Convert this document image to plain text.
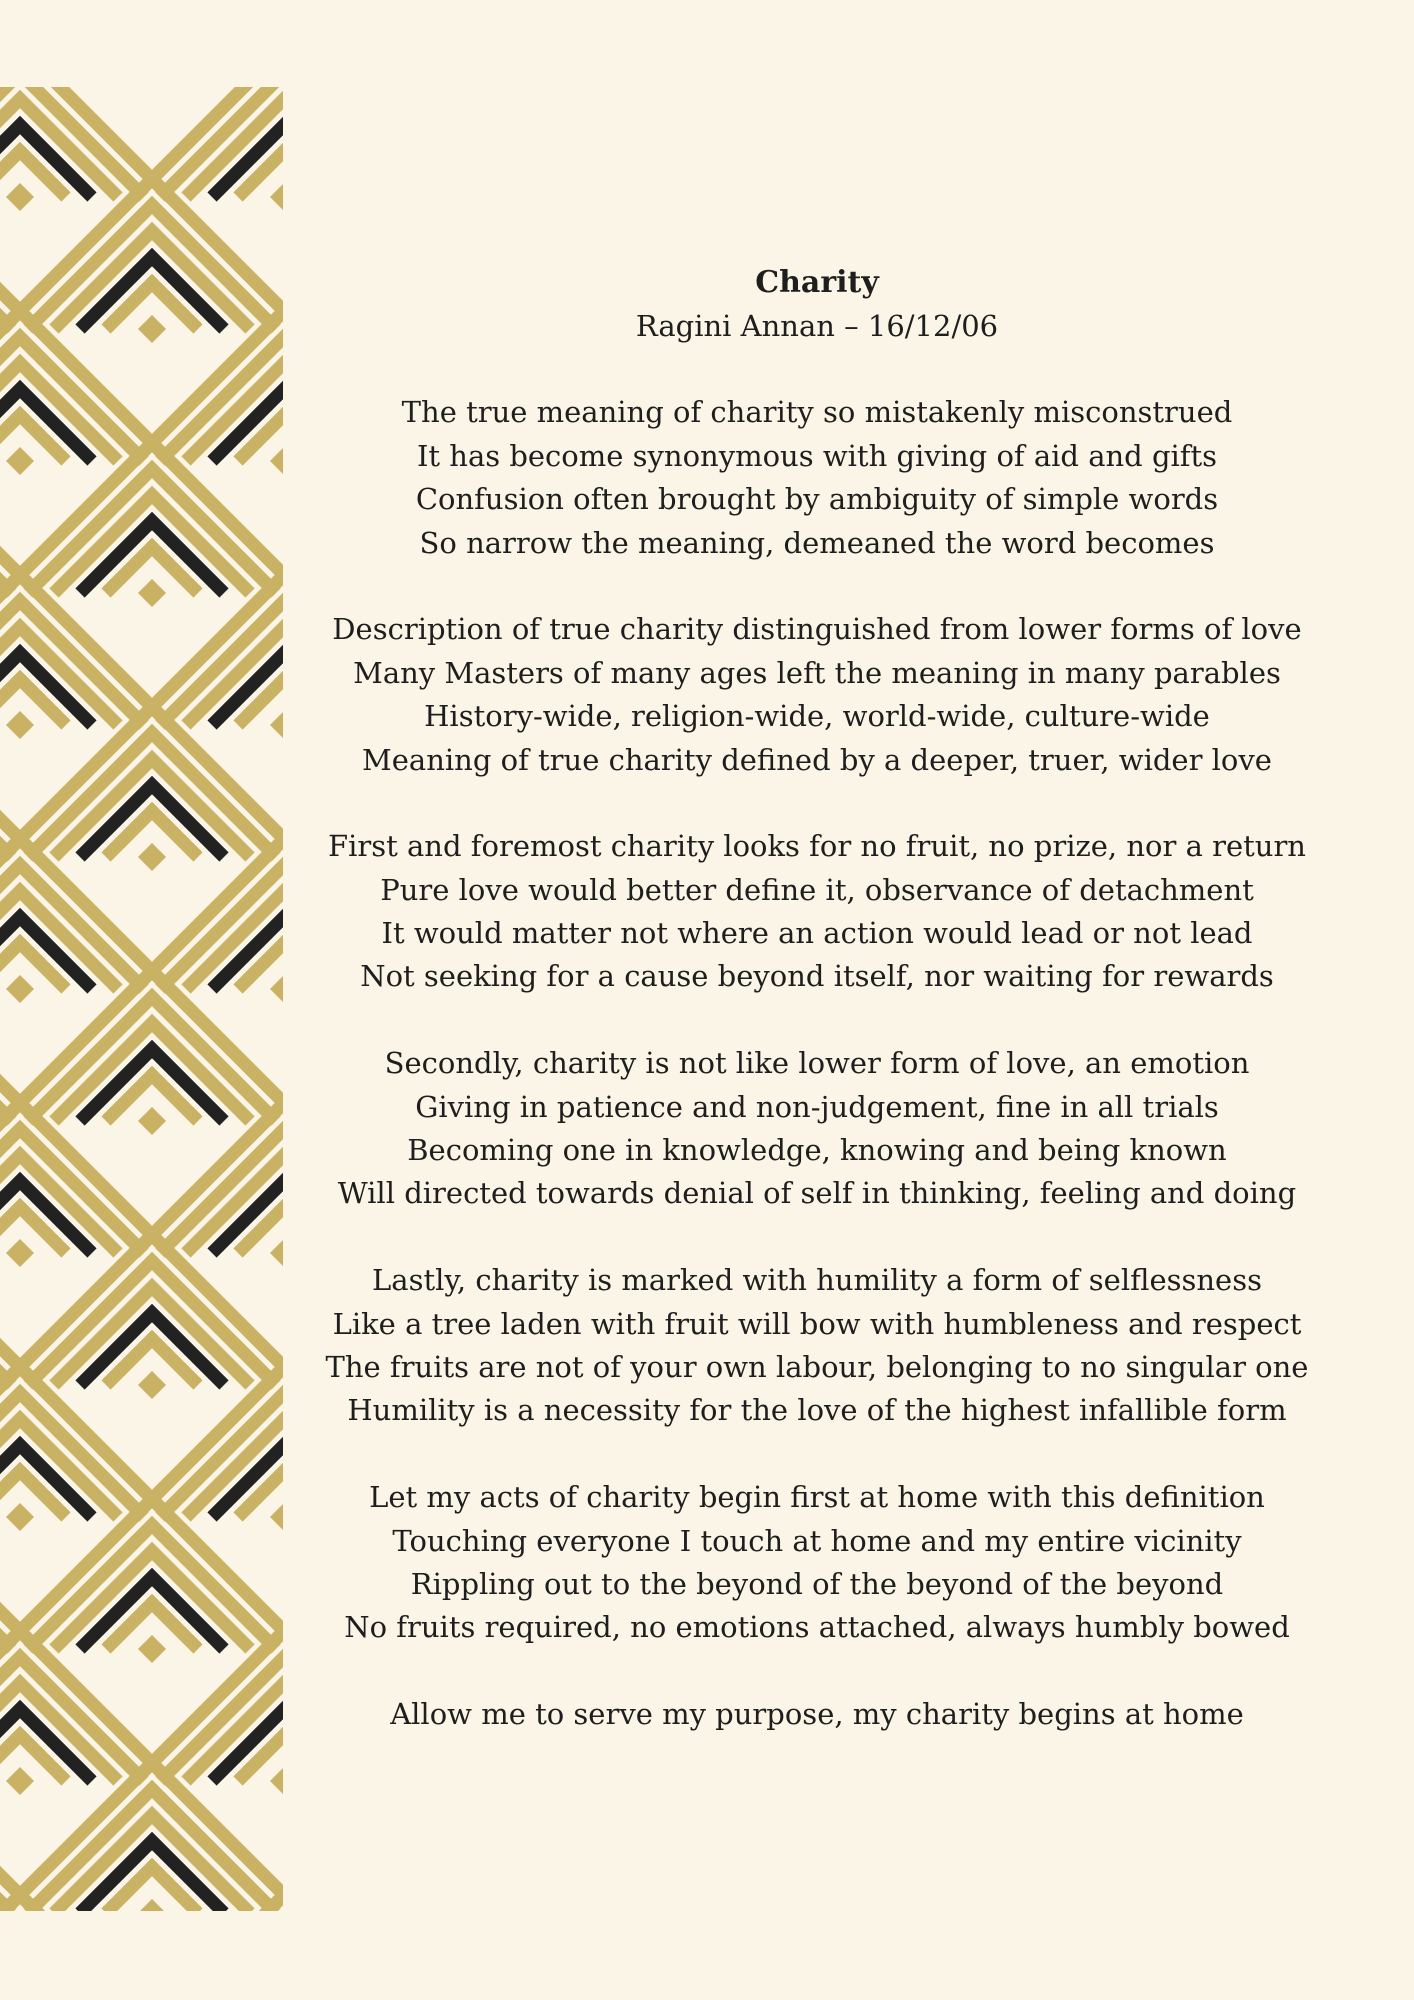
Charity
Ragini Annan – 16/12/06
The true meaning of charity so mistakenly misconstrued
It has become synonymous with giving of aid and gifts
Confusion often brought by ambiguity of simple words
So narrow the meaning, demeaned the word becomes
Description of true charity distinguished from lower forms of love
Many Masters of many ages left the meaning in many parables
History-wide, religion-wide, world-wide, culture-wide
Meaning of true charity defined by a deeper, truer, wider love
First and foremost charity looks for no fruit, no prize, nor a return
Pure love would better define it, observance of detachment
It would matter not where an action would lead or not lead
Not seeking for a cause beyond itself, nor waiting for rewards
Secondly, charity is not like lower form of love, an emotion
Giving in patience and non-judgement, fine in all trials
Becoming one in knowledge, knowing and being known
Will directed towards denial of self in thinking, feeling and doing
Lastly, charity is marked with humility a form of selflessness
Like a tree laden with fruit will bow with humbleness and respect
The fruits are not of your own labour, belonging to no singular one
Humility is a necessity for the love of the highest infallible form
Let my acts of charity begin first at home with this definition
Touching everyone I touch at home and my entire vicinity
Rippling out to the beyond of the beyond of the beyond
No fruits required, no emotions attached, always humbly bowed
Allow me to serve my purpose, my charity begins at home
